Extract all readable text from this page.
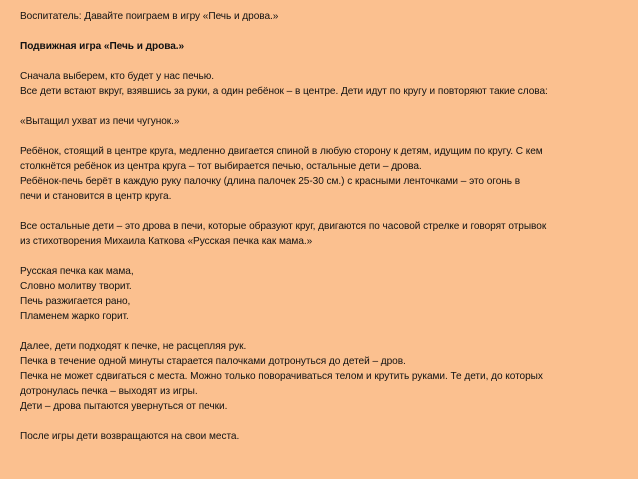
Воспитатель: Давайте поиграем в игру «Печь и дрова.»
Подвижная игра «Печь и дрова.»
Сначала выберем, кто будет у нас печью.
Все дети встают вкруг, взявшись за руки, а один ребёнок – в центре. Дети идут по кругу и повторяют такие слова:
«Вытащил ухват из печи чугунок.»
Ребёнок, стоящий в центре круга, медленно двигается спиной в любую сторону к детям, идущим по кругу. С кем
столкнётся ребёнок из центра круга – тот выбирается печью, остальные дети – дрова.
Ребёнок-печь берёт в каждую руку палочку (длина палочек 25-30 см.) с красными ленточками – это огонь в
печи и становится в центр круга.
Все остальные дети – это дрова в печи, которые образуют круг, двигаются по часовой стрелке и говорят отрывок
из стихотворения Михаила Каткова «Русская печка как мама.»
Русская печка как мама,
Словно молитву творит.
Печь разжигается рано,
Пламенем жарко горит.
Далее, дети подходят к печке, не расцепляя рук.
Печка в течение одной минуты старается палочками дотронуться до детей – дров.
Печка не может сдвигаться с места. Можно только поворачиваться телом и крутить руками. Те дети, до которых
дотронулась печка – выходят из игры.
Дети – дрова пытаются увернуться от печки.
После игры дети возвращаются на свои места.
